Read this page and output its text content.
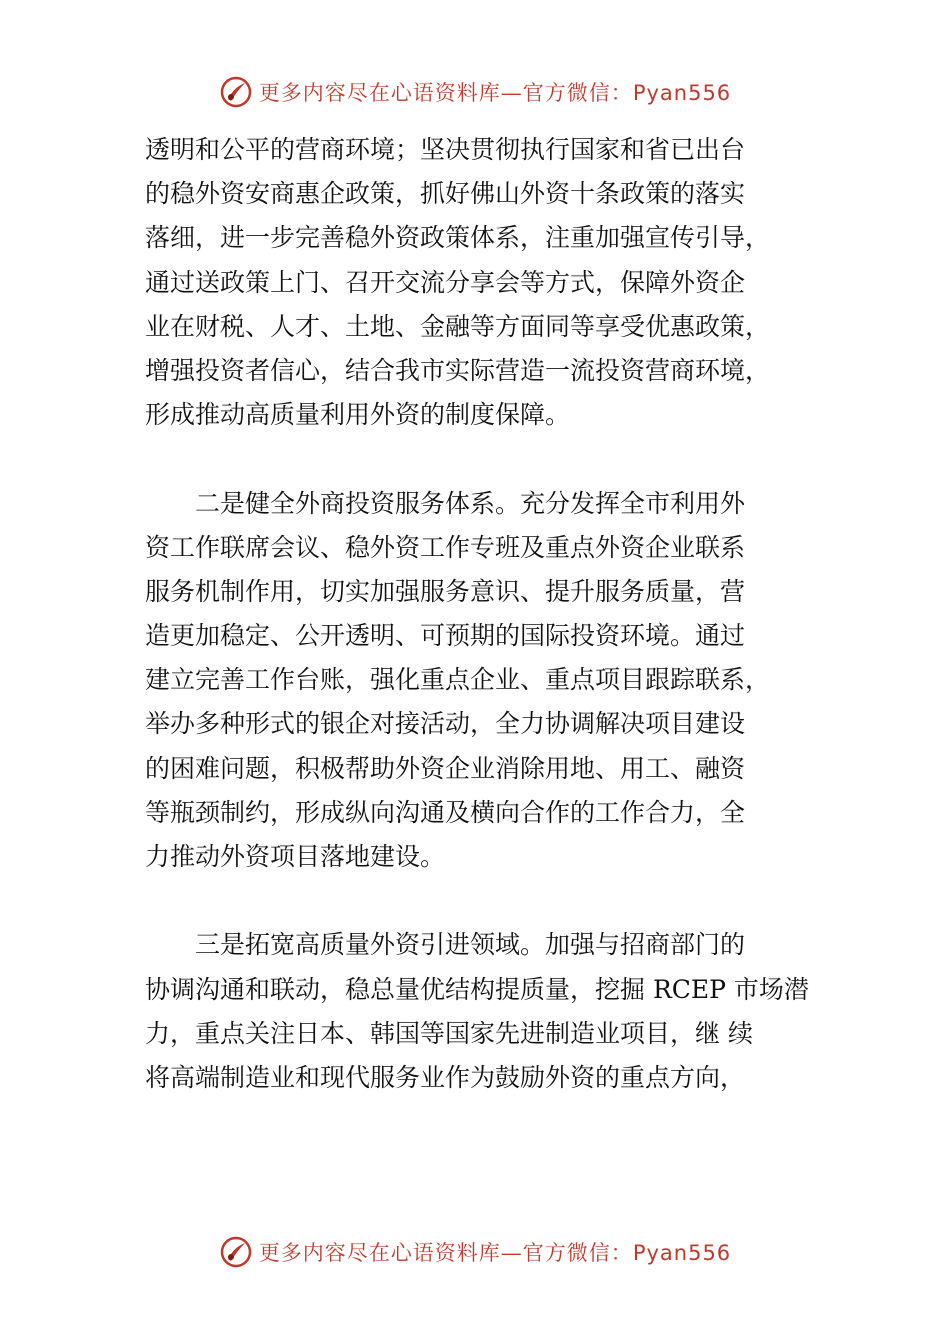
更多内容尽在心语资料库—官方微信：Pyan556
透明和公平的营商环境；坚决贯彻执行国家和省已出台
的稳外资安商惠企政策，抓好佛山外资十条政策的落实
落细，进一步完善稳外资政策体系，注重加强宣传引导，
通过送政策上门、召开交流分享会等方式，保障外资企
业在财税、人才、土地、金融等方面同等享受优惠政策，
增强投资者信心，结合我市实际营造一流投资营商环境，
形成推动高质量利用外资的制度保障。
二是健全外商投资服务体系。充分发挥全市利用外
资工作联席会议、稳外资工作专班及重点外资企业联系
服务机制作用，切实加强服务意识、提升服务质量，营
造更加稳定、公开透明、可预期的国际投资环境。通过
建立完善工作台账，强化重点企业、重点项目跟踪联系，
举办多种形式的银企对接活动，全力协调解决项目建设
的困难问题，积极帮助外资企业消除用地、用工、融资
等瓶颈制约，形成纵向沟通及横向合作的工作合力，全
力推动外资项目落地建设。
三是拓宽高质量外资引进领域。加强与招商部门的
协调沟通和联动，稳总量优结构提质量，挖掘 RCEP 市场潜
力，重点关注日本、韩国等国家先进制造业项目，继 续
将高端制造业和现代服务业作为鼓励外资的重点方向，
更多内容尽在心语资料库—官方微信：Pyan556
